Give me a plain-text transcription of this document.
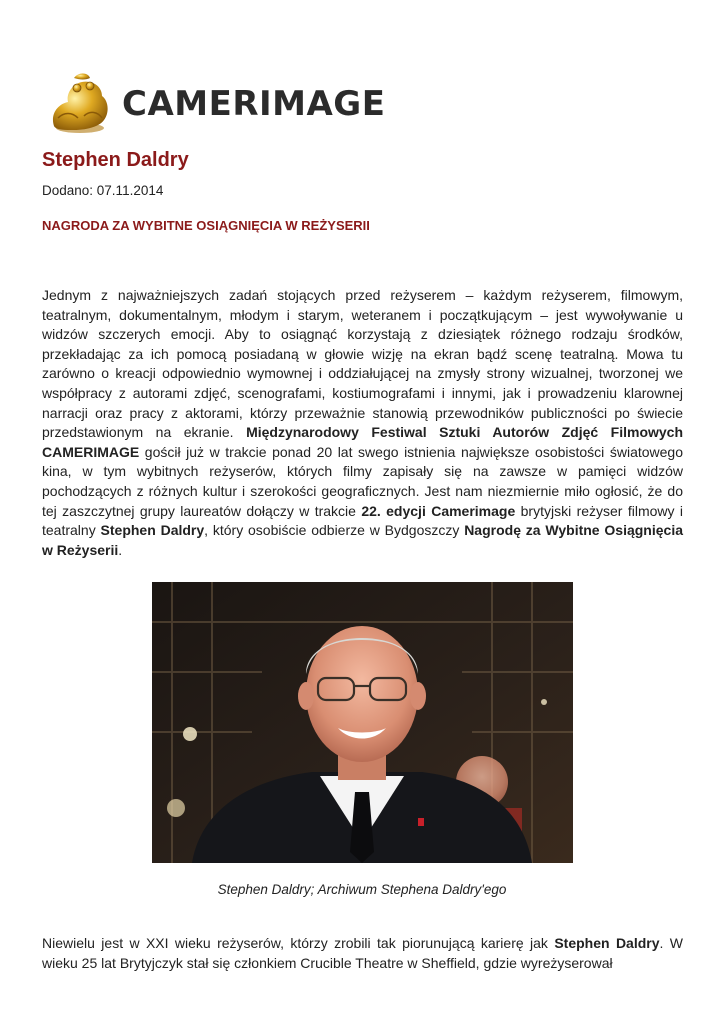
CAMERIMAGE
Stephen Daldry
Dodano: 07.11.2014
NAGRODA ZA WYBITNE OSIĄGNIĘCIA W REŻYSERII

Jednym z najważniejszych zadań stojących przed reżyserem – każdym reżyserem, filmowym, teatralnym, dokumentalnym, młodym i starym, weteranem i początkującym – jest wywoływanie u widzów szczerych emocji. Aby to osiągnąć korzystają z dziesiątek różnego rodzaju środków, przekładając za ich pomocą posiadaną w głowie wizję na ekran bądź scenę teatralną. Mowa tu zarówno o kreacji odpowiednio wymownej i oddziałującej na zmysły strony wizualnej, tworzonej we współpracy z autorami zdjęć, scenografami, kostiumografami i innymi, jak i prowadzeniu klarownej narracji oraz pracy z aktorami, którzy przeważnie stanowią przewodników publiczności po świecie przedstawionym na ekranie. Międzynarodowy Festiwal Sztuki Autorów Zdjęć Filmowych CAMERIMAGE gościł już w trakcie ponad 20 lat swego istnienia największe osobistości światowego kina, w tym wybitnych reżyserów, których filmy zapisały się na zawsze w pamięci widzów pochodzących z różnych kultur i szerokości geograficznych. Jest nam niezmiernie miło ogłosić, że do tej zaszczytnej grupy laureatów dołączy w trakcie 22. edycji Camerimage brytyjski reżyser filmowy i teatralny Stephen Daldry, który osobiście odbierze w Bydgoszczy Nagrodę za Wybitne Osiągnięcia w Reżyserii.

Stephen Daldry; Archiwum Stephena Daldry'ego

Niewielu jest w XXI wieku reżyserów, którzy zrobili tak piorunującą karierę jak Stephen Daldry. W wieku 25 lat Brytyjczyk stał się członkiem Crucible Theatre w Sheffield, gdzie wyreżyserował
